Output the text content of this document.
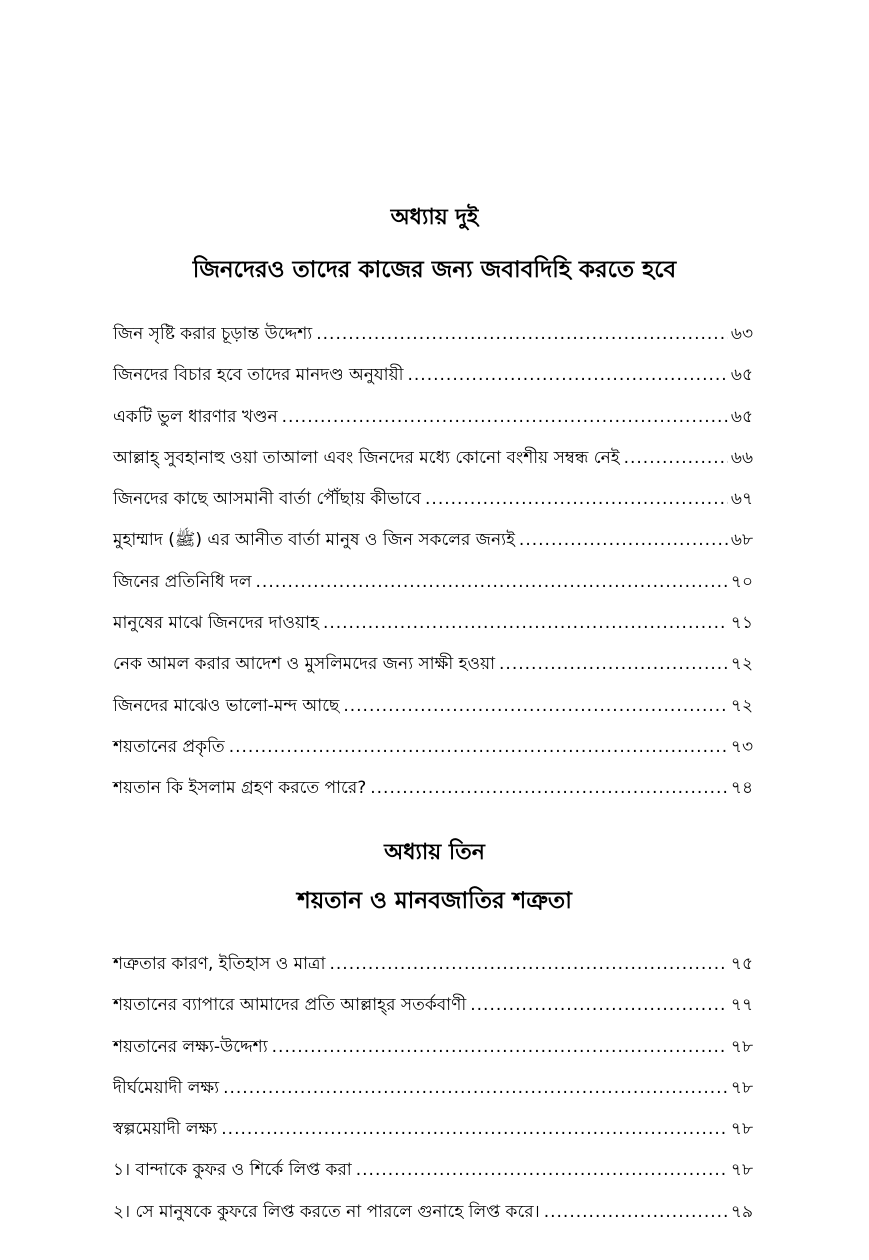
অধ্যায় দুই
জিনদেরও তাদের কাজের জন্য জবাবদিহি করতে হবে
জিন সৃষ্টি করার চূড়ান্ত উদ্দেশ্য .....	৬৩
জিনদের বিচার হবে তাদের মানদণ্ড অনুযায়ী .....	৬৫
একটি ভুল ধারণার খণ্ডন .....	৬৫
আল্লাহ্ সুবহানাহু ওয়া তাআলা এবং জিনদের মধ্যে কোনো বংশীয় সম্বন্ধ নেই .....	৬৬
জিনদের কাছে আসমানী বার্তা পৌঁছায় কীভাবে .....	৬৭
মুহাম্মাদ (ﷺ) এর আনীত বার্তা মানুষ ও জিন সকলের জন্যই .....	৬৮
জিনের প্রতিনিধি দল .....	৭০
মানুষের মাঝে জিনদের দাওয়াহ .....	৭১
নেক আমল করার আদেশ ও মুসলিমদের জন্য সাক্ষী হওয়া .....	৭২
জিনদের মাঝেও ভালো-মন্দ আছে .....	৭২
শয়তানের প্রকৃতি .....	৭৩
শয়তান কি ইসলাম গ্রহণ করতে পারে? .....	৭৪
অধ্যায় তিন
শয়তান ও মানবজাতির শত্রুতা
শত্রুতার কারণ, ইতিহাস ও মাত্রা .....	৭৫
শয়তানের ব্যাপারে আমাদের প্রতি আল্লাহ্‌র সতর্কবাণী .....	৭৭
শয়তানের লক্ষ্য-উদ্দেশ্য .....	৭৮
দীর্ঘমেয়াদী লক্ষ্য .....	৭৮
স্বল্পমেয়াদী লক্ষ্য .....	৭৮
১। বান্দাকে কুফর ও শির্কে লিপ্ত করা .....	৭৮
২। সে মানুষকে কুফরে লিপ্ত করতে না পারলে গুনাহে লিপ্ত করে। .....	৭৯
